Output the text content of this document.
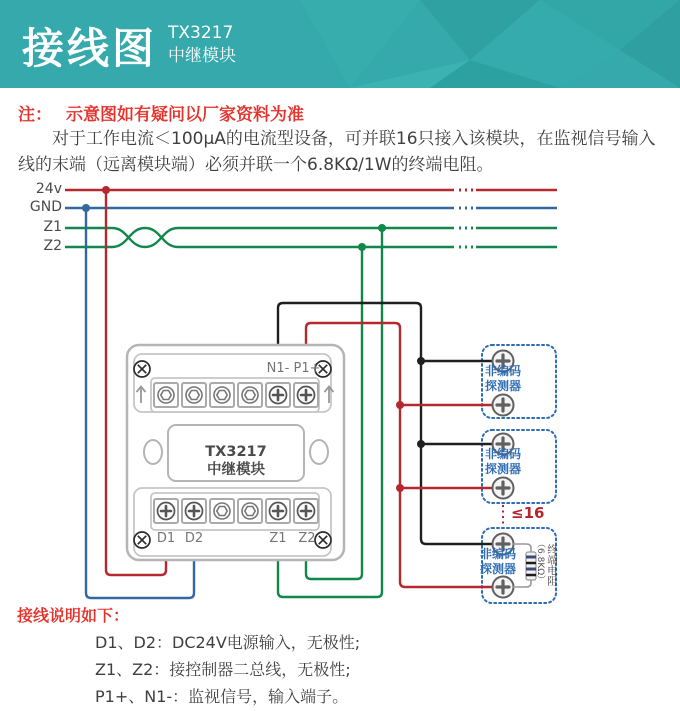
接线图 TX3217
中继模块
注： 示意图如有疑问以厂家资料为准
对于工作电流＜100μA的电流型设备，可并联16只接入该模块，在监视信号输入线的末端（远离模块端）必须并联一个6.8KΩ/1W的终端电阻。
24v
GND
Z1
Z2
N1- P1+
TX3217
中继模块
D1 D2	Z1 Z2
非编码
探测器
非编码
探测器
非编码
探测器
≤16
（6.8KΩ） 终端电阻
接线说明如下：
D1、D2：DC24V电源输入，无极性;
Z1、Z2：接控制器二总线，无极性;
P1+、N1-：监视信号，输入端子。
